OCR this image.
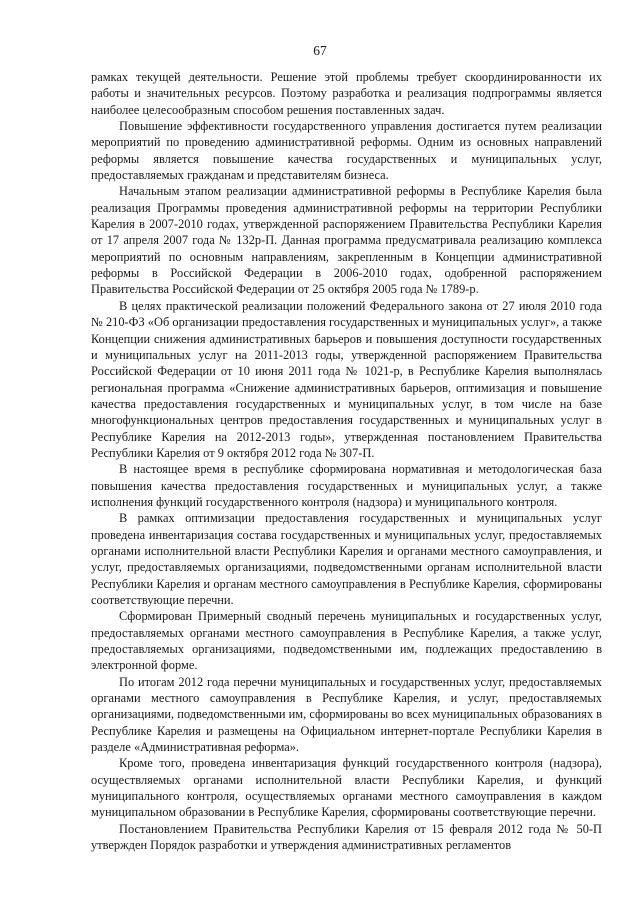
67

рамках текущей деятельности. Решение этой проблемы требует скоординированности их работы и значительных ресурсов. Поэтому разработка и реализация подпрограммы является наиболее целесообразным способом решения поставленных задач.

Повышение эффективности государственного управления достигается путем реализации мероприятий по проведению административной реформы. Одним из основных направлений реформы является повышение качества государственных и муниципальных услуг, предоставляемых гражданам и представителям бизнеса.

Начальным этапом реализации административной реформы в Республике Карелия была реализация Программы проведения административной реформы на территории Республики Карелия в 2007-2010 годах, утвержденной распоряжением Правительства Республики Карелия от 17 апреля 2007 года № 132р-П. Данная программа предусматривала реализацию комплекса мероприятий по основным направлениям, закрепленным в Концепции административной реформы в Российской Федерации в 2006-2010 годах, одобренной распоряжением Правительства Российской Федерации от 25 октября 2005 года № 1789-р.

В целях практической реализации положений Федерального закона от 27 июля 2010 года № 210-ФЗ «Об организации предоставления государственных и муниципальных услуг», а также Концепции снижения административных барьеров и повышения доступности государственных и муниципальных услуг на 2011-2013 годы, утвержденной распоряжением Правительства Российской Федерации от 10 июня 2011 года № 1021-р, в Республике Карелия выполнялась региональная программа «Снижение административных барьеров, оптимизация и повышение качества предоставления государственных и муниципальных услуг, в том числе на базе многофункциональных центров предоставления государственных и муниципальных услуг в Республике Карелия на 2012-2013 годы», утвержденная постановлением Правительства Республики Карелия от 9 октября 2012 года № 307-П.

В настоящее время в республике сформирована нормативная и методологическая база повышения качества предоставления государственных и муниципальных услуг, а также исполнения функций государственного контроля (надзора) и муниципального контроля.

В рамках оптимизации предоставления государственных и муниципальных услуг проведена инвентаризация состава государственных и муниципальных услуг, предоставляемых органами исполнительной власти Республики Карелия и органами местного самоуправления, и услуг, предоставляемых организациями, подведомственными органам исполнительной власти Республики Карелия и органам местного самоуправления в Республике Карелия, сформированы соответствующие перечни.

Сформирован Примерный сводный перечень муниципальных и государственных услуг, предоставляемых органами местного самоуправления в Республике Карелия, а также услуг, предоставляемых организациями, подведомственными им, подлежащих предоставлению в электронной форме.

По итогам 2012 года перечни муниципальных и государственных услуг, предоставляемых органами местного самоуправления в Республике Карелия, и услуг, предоставляемых организациями, подведомственными им, сформированы во всех муниципальных образованиях в Республике Карелия и размещены на Официальном интернет-портале Республики Карелия в разделе «Административная реформа».

Кроме того, проведена инвентаризация функций государственного контроля (надзора), осуществляемых органами исполнительной власти Республики Карелия, и функций муниципального контроля, осуществляемых органами местного самоуправления в каждом муниципальном образовании в Республике Карелия, сформированы соответствующие перечни.

Постановлением Правительства Республики Карелия от 15 февраля 2012 года № 50-П утвержден Порядок разработки и утверждения административных регламентов
